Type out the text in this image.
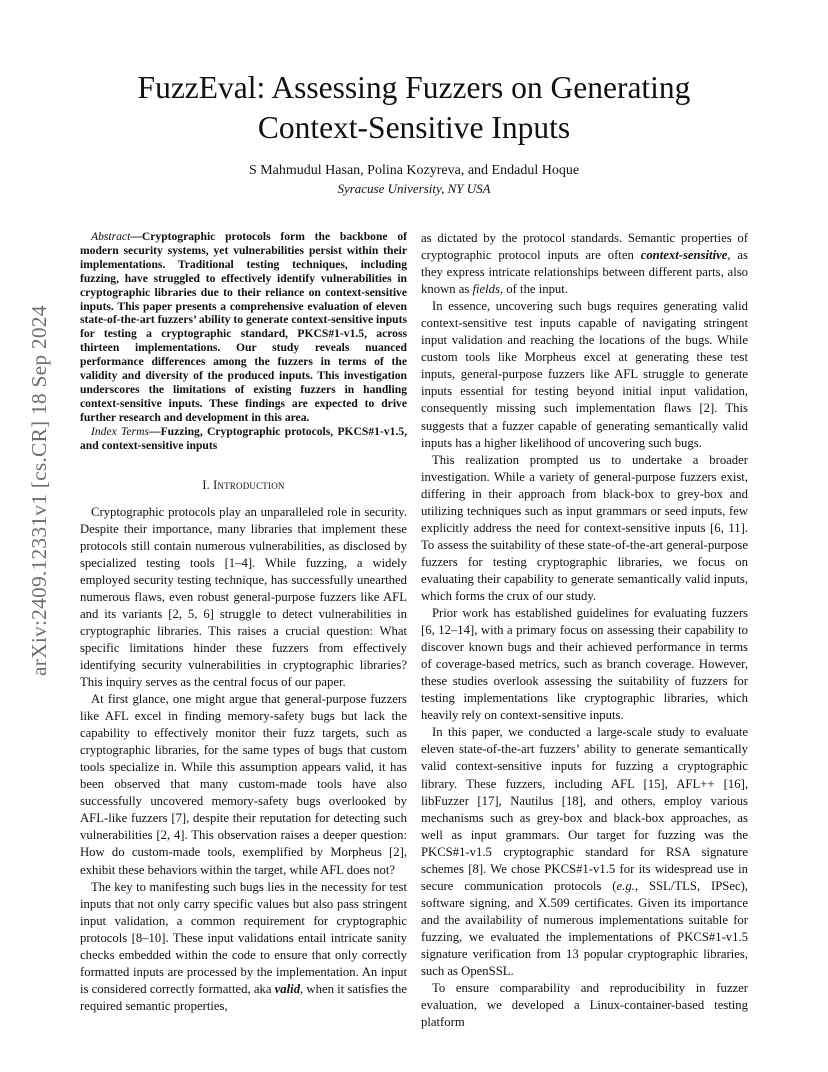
arXiv:2409.12331v1 [cs.CR] 18 Sep 2024
FuzzEval: Assessing Fuzzers on Generating
Context-Sensitive Inputs
S Mahmudul Hasan, Polina Kozyreva, and Endadul Hoque
Syracuse University, NY USA

Abstract—Cryptographic protocols form the backbone of modern security systems, yet vulnerabilities persist within their implementations. Traditional testing techniques, including fuzzing, have struggled to effectively identify vulnerabilities in cryptographic libraries due to their reliance on context-sensitive inputs. This paper presents a comprehensive evaluation of eleven state-of-the-art fuzzers’ ability to generate context-sensitive inputs for testing a cryptographic standard, PKCS#1-v1.5, across thirteen implementations. Our study reveals nuanced performance differences among the fuzzers in terms of the validity and diversity of the produced inputs. This investigation underscores the limitations of existing fuzzers in handling context-sensitive inputs. These findings are expected to drive further research and development in this area.

Index Terms—Fuzzing, Cryptographic protocols, PKCS#1-v1.5, and context-sensitive inputs

I. Introduction

Cryptographic protocols play an unparalleled role in security. Despite their importance, many libraries that implement these protocols still contain numerous vulnerabilities, as disclosed by specialized testing tools [1–4]. While fuzzing, a widely employed security testing technique, has successfully unearthed numerous flaws, even robust general-purpose fuzzers like AFL and its variants [2, 5, 6] struggle to detect vulnerabilities in cryptographic libraries. This raises a crucial question: What specific limitations hinder these fuzzers from effectively identifying security vulnerabilities in cryptographic libraries? This inquiry serves as the central focus of our paper.

At first glance, one might argue that general-purpose fuzzers like AFL excel in finding memory-safety bugs but lack the capability to effectively monitor their fuzz targets, such as cryptographic libraries, for the same types of bugs that custom tools specialize in. While this assumption appears valid, it has been observed that many custom-made tools have also successfully uncovered memory-safety bugs overlooked by AFL-like fuzzers [7], despite their reputation for detecting such vulnerabilities [2, 4]. This observation raises a deeper question: How do custom-made tools, exemplified by Morpheus [2], exhibit these behaviors within the target, while AFL does not?

The key to manifesting such bugs lies in the necessity for test inputs that not only carry specific values but also pass stringent input validation, a common requirement for cryptographic protocols [8–10]. These input validations entail intricate sanity checks embedded within the code to ensure that only correctly formatted inputs are processed by the implementation. An input is considered correctly formatted, aka valid, when it satisfies the required semantic properties,

as dictated by the protocol standards. Semantic properties of cryptographic protocol inputs are often context-sensitive, as they express intricate relationships between different parts, also known as fields, of the input.

In essence, uncovering such bugs requires generating valid context-sensitive test inputs capable of navigating stringent input validation and reaching the locations of the bugs. While custom tools like Morpheus excel at generating these test inputs, general-purpose fuzzers like AFL struggle to generate inputs essential for testing beyond initial input validation, consequently missing such implementation flaws [2]. This suggests that a fuzzer capable of generating semantically valid inputs has a higher likelihood of uncovering such bugs.

This realization prompted us to undertake a broader investigation. While a variety of general-purpose fuzzers exist, differing in their approach from black-box to grey-box and utilizing techniques such as input grammars or seed inputs, few explicitly address the need for context-sensitive inputs [6, 11]. To assess the suitability of these state-of-the-art general-purpose fuzzers for testing cryptographic libraries, we focus on evaluating their capability to generate semantically valid inputs, which forms the crux of our study.

Prior work has established guidelines for evaluating fuzzers [6, 12–14], with a primary focus on assessing their capability to discover known bugs and their achieved performance in terms of coverage-based metrics, such as branch coverage. However, these studies overlook assessing the suitability of fuzzers for testing implementations like cryptographic libraries, which heavily rely on context-sensitive inputs.

In this paper, we conducted a large-scale study to evaluate eleven state-of-the-art fuzzers’ ability to generate semantically valid context-sensitive inputs for fuzzing a cryptographic library. These fuzzers, including AFL [15], AFL++ [16], libFuzzer [17], Nautilus [18], and others, employ various mechanisms such as grey-box and black-box approaches, as well as input grammars. Our target for fuzzing was the PKCS#1-v1.5 cryptographic standard for RSA signature schemes [8]. We chose PKCS#1-v1.5 for its widespread use in secure communication protocols (e.g., SSL/TLS, IPSec), software signing, and X.509 certificates. Given its importance and the availability of numerous implementations suitable for fuzzing, we evaluated the implementations of PKCS#1-v1.5 signature verification from 13 popular cryptographic libraries, such as OpenSSL.

To ensure comparability and reproducibility in fuzzer evaluation, we developed a Linux-container-based testing platform
